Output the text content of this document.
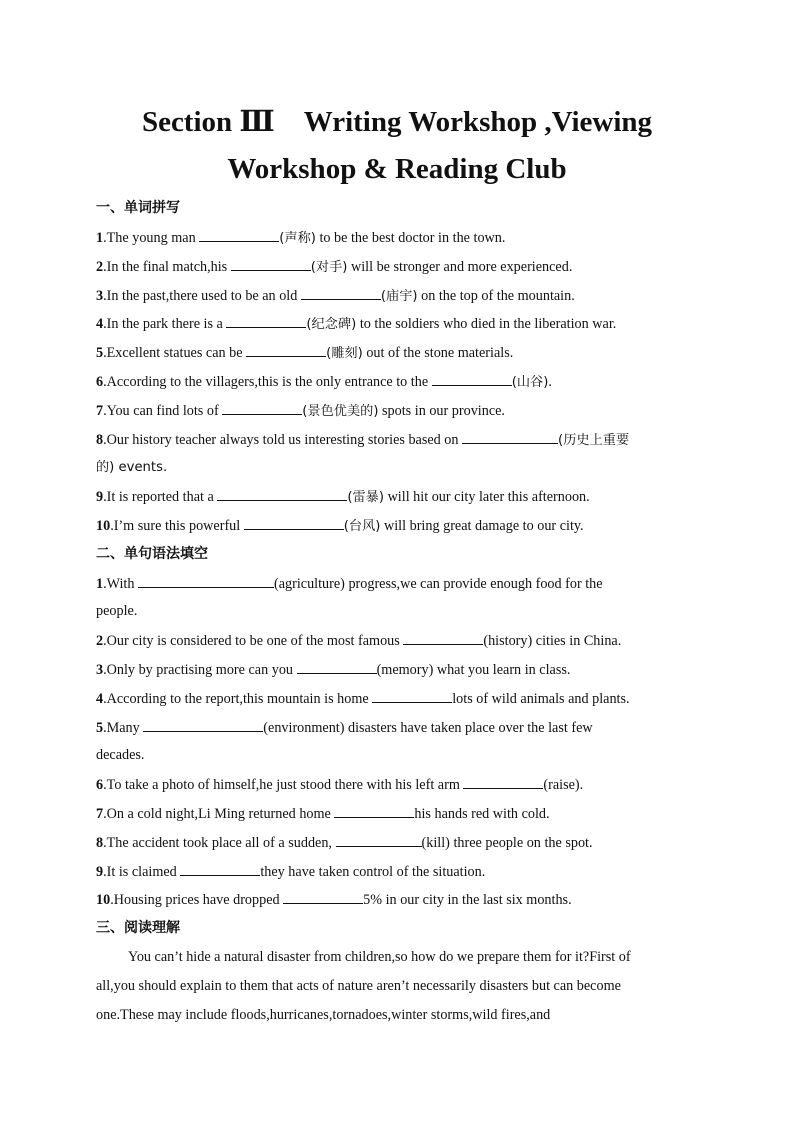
Section Ⅲ　Writing Workshop ,Viewing
Workshop & Reading Club
一、单词拼写
1.The young man	(声称) to be the best doctor in the town.
2.In the final match,his	(对手) will be stronger and more experienced.
3.In the past,there used to be an old	(庙宇) on the top of the mountain.
4.In the park there is a	(纪念碑) to the soldiers who died in the liberation war.
5.Excellent statues can be	(雕刻) out of the stone materials.
6.According to the villagers,this is the only entrance to the	(山谷).
7.You can find lots of	(景色优美的) spots in our province.
8.Our history teacher always told us interesting stories based on	(历史上重要
的) events.
9.It is reported that a	(雷暴) will hit our city later this afternoon.
10.I’m sure this powerful	(台风) will bring great damage to our city.
二、单句语法填空
1.With	(agriculture) progress,we can provide enough food for the
people.
2.Our city is considered to be one of the most famous	(history) cities in China.
3.Only by practising more can you	(memory) what you learn in class.
4.According to the report,this mountain is home	lots of wild animals and plants.
5.Many	(environment) disasters have taken place over the last few
decades.
6.To take a photo of himself,he just stood there with his left arm	(raise).
7.On a cold night,Li Ming returned home	his hands red with cold.
8.The accident took place all of a sudden,	(kill) three people on the spot.
9.It is claimed	they have taken control of the situation.
10.Housing prices have dropped	5% in our city in the last six months.
三、阅读理解
You can’t hide a natural disaster from children,so how do we prepare them for it?First of
all,you should explain to them that acts of nature aren’t necessarily disasters but can become
one.These may include floods,hurricanes,tornadoes,winter storms,wild fires,and
